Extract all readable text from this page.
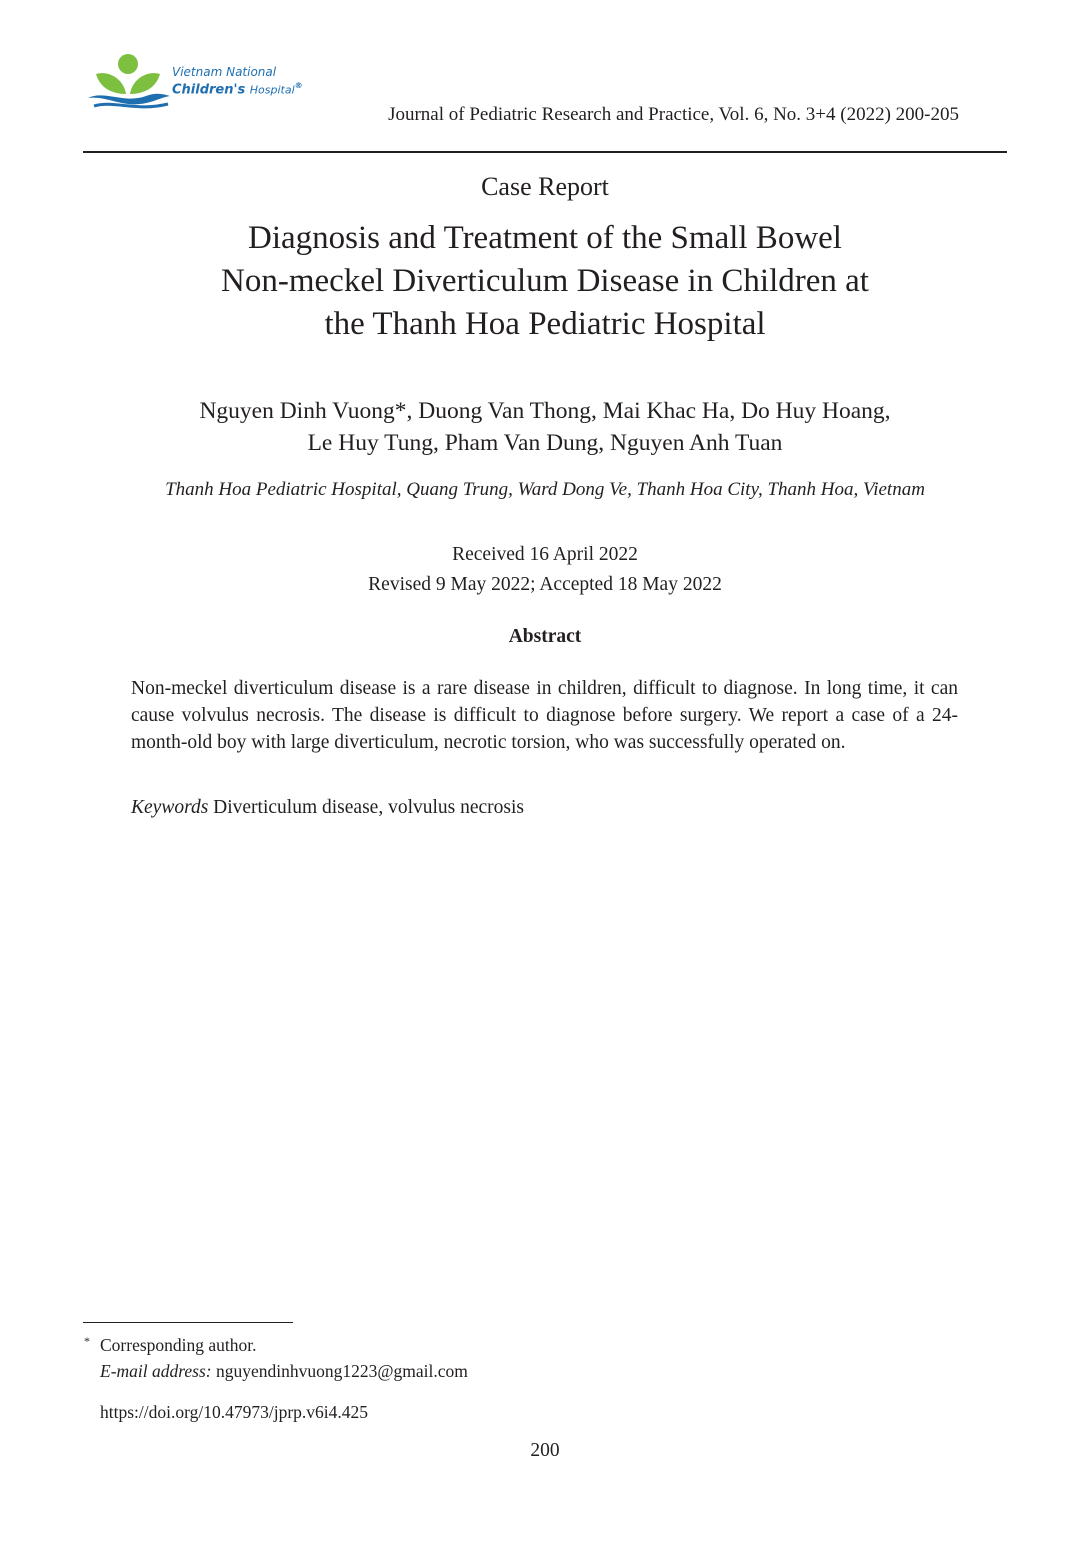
Vietnam National
Children's Hospital®
Journal of Pediatric Research and Practice, Vol. 6, No. 3+4 (2022) 200-205
Case Report
Diagnosis and Treatment of the Small Bowel
Non-meckel Diverticulum Disease in Children at
the Thanh Hoa Pediatric Hospital
Nguyen Dinh Vuong*, Duong Van Thong, Mai Khac Ha, Do Huy Hoang,
Le Huy Tung, Pham Van Dung, Nguyen Anh Tuan
Thanh Hoa Pediatric Hospital, Quang Trung, Ward Dong Ve, Thanh Hoa City, Thanh Hoa, Vietnam
Received 16 April 2022
Revised 9 May 2022; Accepted 18 May 2022
Abstract
Non-meckel diverticulum disease is a rare disease in children, difficult to diagnose. In long time, it can cause volvulus necrosis. The disease is difficult to diagnose before surgery. We report a case of a 24-month-old boy with large diverticulum, necrotic torsion, who was successfully operated on.
Keywords Diverticulum disease, volvulus necrosis
* Corresponding author.
E-mail address: nguyendinhvuong1223@gmail.com
https://doi.org/10.47973/jprp.v6i4.425
200
